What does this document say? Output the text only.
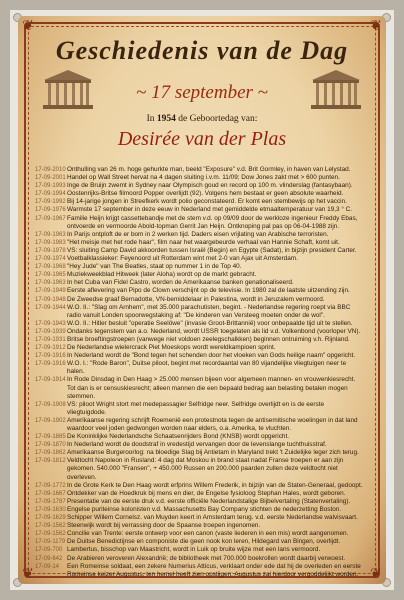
❦	❦
❦	❦
Geschiedenis van de Dag
~ 17 september ~
In 1954 de Geboortedag van:
Desirée van der Plas
17-09-2010 Onthulling van 26 m. hoge gehurkte man, beeld "Exposure" v.d. Brit Gormley, in haven van Lelystad.
17-09-2001 Handel op Wall Street hervat na 4 dagen sluiting i.v.m. 11/09; Dow Jones zakt met > 600 punten.
17-09-1993 Inge de Bruijn zwemt in Sydney naar Olympisch goud en record op 100 m. vlinderslag (fantasybaan).
17-09-1994 Oostenrijks-Britse filmoord Popper overlijdt (92). Volgens hem bestaat er geen absolute waarheid.
17-09-1992 Bij 14-jarige jongen in Streefkerk wordt polio geconstateerd. Er komt een stembewijs op het vaccin.
17-09-1976 Warmste 17 september in deze eeuw in Nederland met gemiddelde etmaaltemperatuur van 19,3 ° C.
17-09-1967 Familie Heijn krijgt cassettebandje met de stem v.d. op 09/09 door de werkloze ingenieur Freddy Ebas, ontvoerde en vermoorde Abold-topman Gerrit Jan Heijn. Ontknoping pal pas op 06-04-1988 zijn.
17-09-1963 In Parijs ontploft de er bom in 2 werken tijd. Daders eisen vrijlating van Arabische terroristen.
17-09-1983 "Het meisje met het rode haar", film naar het waargebeurde verhaal van Hannie Schaft, komt uit.
17-09-1978 VS: sluiting Camp David akkoorden tussen Israël (Begin) en Egypte (Sadat), in bijzijn president Carter.
17-09-1974 Voetbalklassieker: Feyenoord uit Rotterdam wint met 2-0 van Ajax uit Amsterdam.
17-09-1968 "Hey Jude" van The Beatles, staat op nummer 1 in de Top 40.
17-09-1965 Muziekweekblad Hitweek (later Aloha) wordt op de markt gebracht.
17-09-1963 In het Cuba van Fidel Castro, worden de Amerikaanse banken genationaliseerd.
17-09-1949 Eerste aflevering van Pipo de Clown verschijnt op de televisie. In 1980 zal de laatste uitzending zijn.
17-09-1948 De Zweedse graaf Bernadotte, VN-bemiddelaar in Palestina, wordt in Jeruzalem vermoord.
17-09-1944 W.O. II.: "Slag om Arnhem", met 35.000 parachutisten, begint. - Nederlandse regering roept via BBC radio vanuit Londen spoorwegstaking af: "De kinderen van Versteeg moeten onder de wol".
17-09-1943 W.O. II.: Hitler besluit "operatie Seelöwe" (invasie Groot-Brittannië) voor onbepaalde tijd uit te stellen.
17-09-1939 Ondanks tegenstem van a.o. Nederland, wordt USSR toegelaten als lid v.d. Volkenbond (voorloper VN).
17-09-1931 Britse broeftingstroepen (vanwege niet voldoen zeelegschalkken) beginnen ontruiming v.h. Rijnland.
17-09-1912 De Nederlandse wielercrack Piet Moeskops wordt wereldkampioen sprint.
17-09-1916 In Nederland wordt de "Bond tegen het schenden door het vloeken van Gods heilige naam" opgericht.
17-09-1916 W.O. I.: "Rode Baron", Duitse piloot, begint met recordaantal van 80 vijandelijke vliegtuigen neer te halen.
17-09-1914 In Rode Dinsdag in Den Haag > 25.000 mensen bijeen voor algemeen mannen- en vrouwenkiesrecht. Tot dan is er censuskiesrecht; alleen mannen die een bepaald bedrag aan belasting betalen mogen stemmen.
17-09-1908 VS: piloot Wright stort met medepassagier Selfridge neer. Selfridge overlijdt en is de eerste vliegtuigdode.
17-09-1902 Amerikaanse regering schrijft Roemenië een protestnota tegen de antisemitische woelingen in dat land waardoor veel joden gedwongen worden naar elders, o.a. Amerika, te vluchten.
17-09-1885 De Koninklijke Nederlandsche Schaatsenrijders Bond (KNSB) wordt opgericht.
17-09-1870 In Nederland wordt de doodstraf in vredestijd vervangen door de levenslange tuchthuisstraf.
17-09-1862 Amerikaanse Burgeroorlog: na bloedige Slag bij Antietam in Maryland trekt 't Zuidelijke leger zich terug.
17-09-1812 Veldtocht Napoleon in Rusland: 4 dag dat Moskou in brand staat nadat Franse troepen er aan zijn gekomen. 540.000 "Fransen", + 450.000 Russen en 200.000 paarden zullen deze veldtocht niet overleven.
17-09-1772 In de Grote Kerk te Den Haag wordt erfprins Willem Frederik, in bijzijn van de Staten-Generaal, gedoopt.
17-09-1667 Ontdekker van de Hoedkruk bij mens en dier, de Engelse fysioloog Stephan Hales, wordt geboren.
17-09-1787 Presentatie van de eerste druk v.d. eerste officiële Nederlandstalige Bijbelvertaling (Statenvertaling).
17-09-1630 Engelse puriteinse kolonisten v.d. Massachusetts Bay Company stichten de nederzetting Boston.
17-09-1629 Schipper Willem Cornelsz. van Muyden keert in Amsterdam terug. v.d. eerste Nederlandse walvisvaart.
17-09-1562 Steenwijk wordt bij verrassing door de Spaanse troepen ingenomen.
17-09-1562 Concilie van Trente: eerste ontwerp voor een canon (vaste liederen in een mis) wordt aangenomen.
17-09-1179 De Duitse Benedictijnse en componiste die geen nook kon leren, Hildegard van Bingen, overlijdt.
17-09-700 Lambertus, bisschop van Maastricht, wordt in Luik op bruite wijze met een lans vermoord.
17-09-642 De Arabieren veroveren Alexandrië; de bibliotheek met 700.000 boekrollen wordt daarbij verwoest.
17-09-14 Een Romeinse soldaat, een zekere Numerius Atticus, verklaart onder ede dat hij de overleden en eerste Romeinse keizer Augustus, ten hemel heeft zien opstijgen; Augustus zal hierdoor vergoddelijkt worden.
